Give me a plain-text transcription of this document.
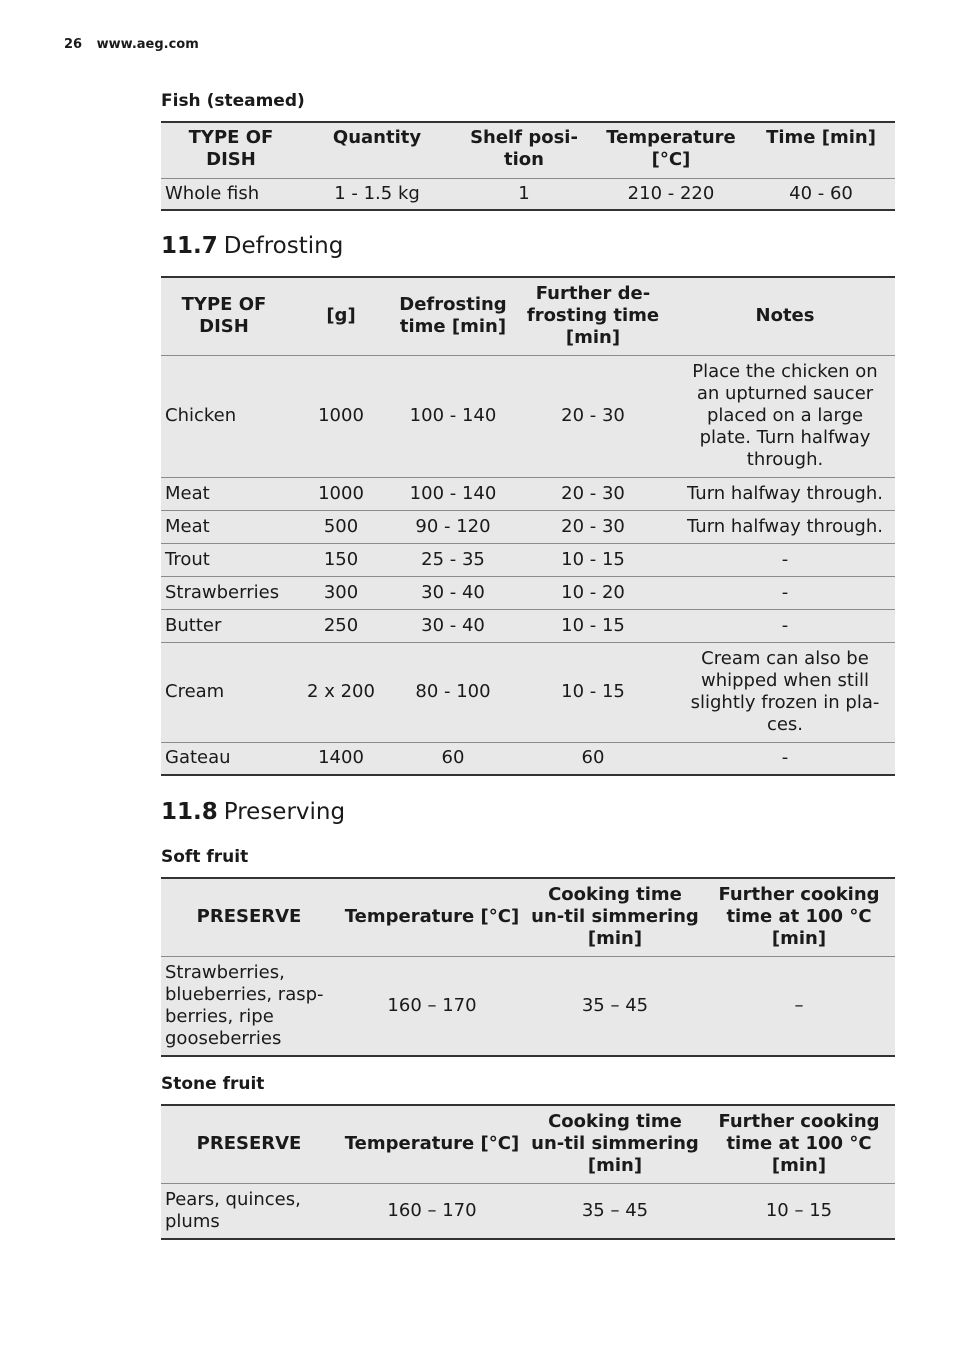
26 www.aeg.com
Fish (steamed)
TYPE OF DISH	Quantity	Shelf posi-tion	Temperature [°C]	Time [min]
Whole fish	1 - 1.5 kg	1	210 - 220	40 - 60
11.7 Defrosting
TYPE OF DISH	[g]	Defrosting time [min]	Further de-frosting time [min]	Notes
Chicken	1000	100 - 140	20 - 30	Place the chicken on an upturned saucer placed on a large plate. Turn halfway through.
Meat	1000	100 - 140	20 - 30	Turn halfway through.
Meat	500	90 - 120	20 - 30	Turn halfway through.
Trout	150	25 - 35	10 - 15	-
Strawberries	300	30 - 40	10 - 20	-
Butter	250	30 - 40	10 - 15	-
Cream	2 x 200	80 - 100	10 - 15	Cream can also be whipped when still slightly frozen in pla-ces.
Gateau	1400	60	60	-
11.8 Preserving
Soft fruit
PRESERVE	Temperature [°C]	Cooking time un-til simmering [min]	Further cooking time at 100 °C [min]
Strawberries, blueberries, rasp-berries, ripe gooseberries	160 – 170	35 – 45	–
Stone fruit
PRESERVE	Temperature [°C]	Cooking time un-til simmering [min]	Further cooking time at 100 °C [min]
Pears, quinces, plums	160 – 170	35 – 45	10 – 15
